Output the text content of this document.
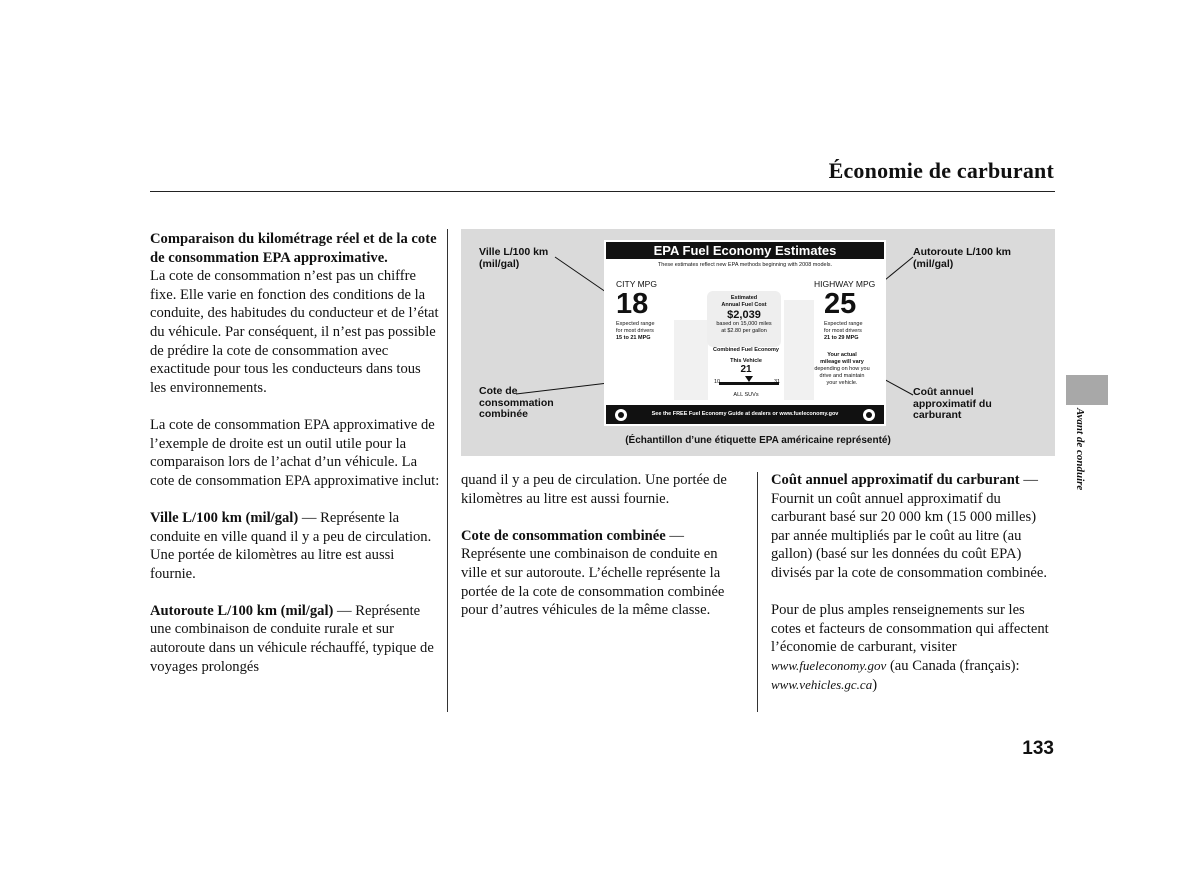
Économie de carburant

Comparaison du kilométrage réel et de la cote de consommation EPA approximative.

La cote de consommation n’est pas un chiffre fixe. Elle varie en fonction des conditions de la conduite, des habitudes du conducteur et de l’état du véhicule. Par conséquent, il n’est pas possible de prédire la cote de consommation avec exactitude pour tous les conducteurs dans tous les environnements.

La cote de consommation EPA approximative de l’exemple de droite est un outil utile pour la comparaison lors de l’achat d’un véhicule. La cote de consommation EPA approximative inclut:

Ville L/100 km (mil/gal) — Représente la conduite en ville quand il y a peu de circulation. Une portée de kilomètres au litre est aussi fournie.

Autoroute L/100 km (mil/gal) — Représente une combinaison de conduite rurale et sur autoroute dans un véhicule réchauffé, typique de voyages prolongés

quand il y a peu de circulation. Une portée de kilomètres au litre est aussi fournie.

Cote de consommation combinée — Représente une combinaison de conduite en ville et sur autoroute. L’échelle représente la portée de la cote de consommation combinée pour d’autres véhicules de la même classe.

Coût annuel approximatif du carburant — Fournit un coût annuel approximatif du carburant basé sur 20 000 km (15 000 milles) par année multipliés par le coût au litre (au gallon) (basé sur les données du coût EPA) divisés par la cote de consommation combinée.

Pour de plus amples renseignements sur les cotes et facteurs de consommation qui affectent l’économie de carburant, visiter www.fueleconomy.gov (au Canada (français): www.vehicles.gc.ca)

Ville L/100 km (mil/gal)
Autoroute L/100 km (mil/gal)
Cote de consommation combinée
Coût annuel approximatif du carburant
EPA Fuel Economy Estimates
These estimates reflect new EPA methods beginning with 2008 models.
CITY MPG
18
Expected range
for most drivers
15 to 21 MPG
HIGHWAY MPG
25
Expected range
for most drivers
21 to 29 MPG
Estimated
Annual Fuel Cost
$2,039
based on 15,000 miles
at $2.80 per gallon
Combined Fuel Economy
This Vehicle
21
10	31
ALL SUVs
Your actual
mileage will vary
depending on how you
drive and maintain
your vehicle.
See the FREE Fuel Economy Guide at dealers or www.fueleconomy.gov
(Échantillon d’une étiquette EPA américaine représenté)	Avant de conduire
133
